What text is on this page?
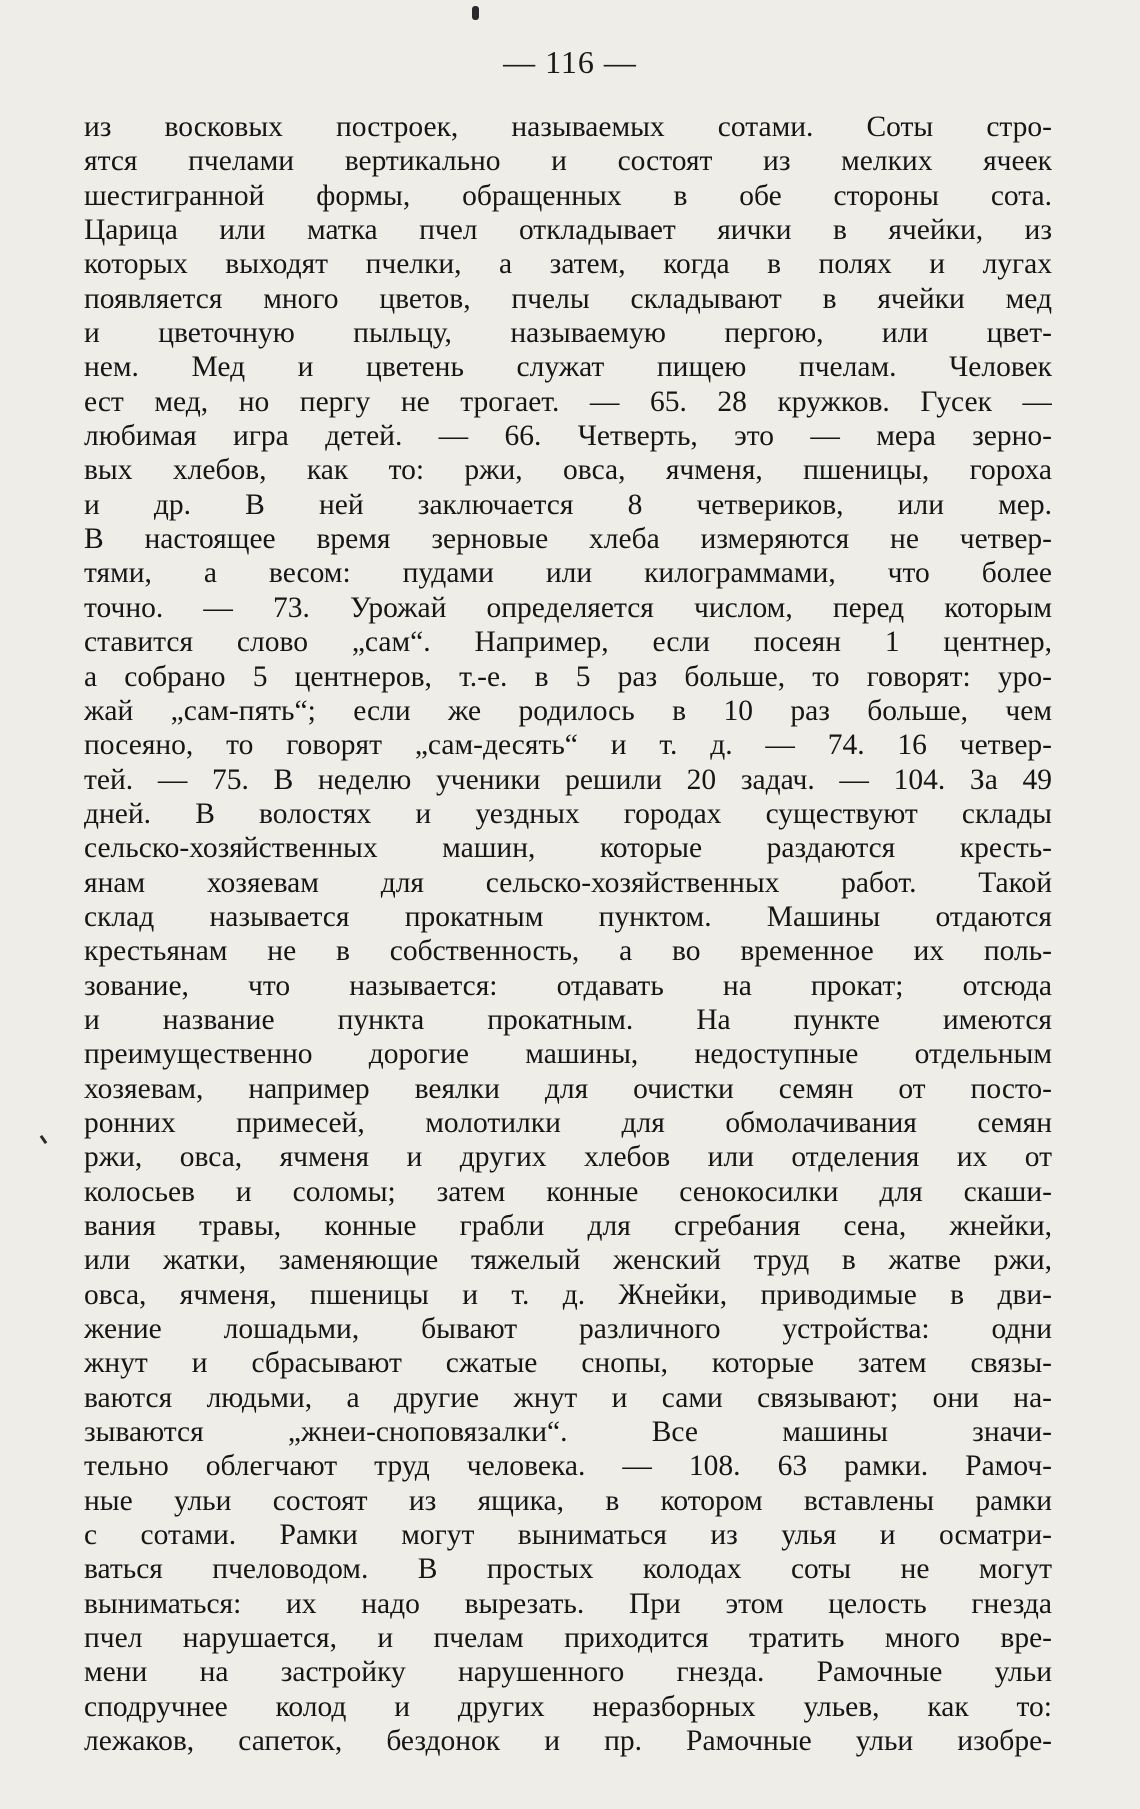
— 116 —
из восковых построек, называемых сотами. Соты стро-
ятся пчелами вертикально и состоят из мелких ячеек
шестигранной формы, обращенных в обе стороны сота.
Царица или матка пчел откладывает яички в ячейки, из
которых выходят пчелки, а затем, когда в полях и лугах
появляется много цветов, пчелы складывают в ячейки мед
и цветочную пыльцу, называемую пергою, или цвет-
нем. Мед и цветень служат пищею пчелам. Человек
ест мед, но пергу не трогает. — 65. 28 кружков. Гусек —
любимая игра детей. — 66. Четверть, это — мера зерно-
вых хлебов, как то: ржи, овса, ячменя, пшеницы, гороха
и др. В ней заключается 8 четвериков, или мер.
В настоящее время зерновые хлеба измеряются не четвер-
тями, а весом: пудами или килограммами, что более
точно. — 73. Урожай определяется числом, перед которым
ставится слово „сам“. Например, если посеян 1 центнер,
а собрано 5 центнеров, т.-е. в 5 раз больше, то говорят: уро-
жай „сам-пять“; если же родилось в 10 раз больше, чем
посеяно, то говорят „сам-десять“ и т. д. — 74. 16 четвер-
тей. — 75. В неделю ученики решили 20 задач. — 104. За 49
дней. В волостях и уездных городах существуют склады
сельско-хозяйственных машин, которые раздаются кресть-
янам хозяевам для сельско-хозяйственных работ. Такой
склад называется прокатным пунктом. Машины отдаются
крестьянам не в собственность, а во временное их поль-
зование, что называется: отдавать на прокат; отсюда
и название пункта прокатным. На пункте имеются
преимущественно дорогие машины, недоступные отдельным
хозяевам, например веялки для очистки семян от посто-
ронних примесей, молотилки для обмолачивания семян
ржи, овса, ячменя и других хлебов или отделения их от
колосьев и соломы; затем конные сенокосилки для скаши-
вания травы, конные грабли для сгребания сена, жнейки,
или жатки, заменяющие тяжелый женский труд в жатве ржи,
овса, ячменя, пшеницы и т. д. Жнейки, приводимые в дви-
жение лошадьми, бывают различного устройства: одни
жнут и сбрасывают сжатые снопы, которые затем связы-
ваются людьми, а другие жнут и сами связывают; они на-
зываются „жнеи-сноповязалки“. Все машины значи-
тельно облегчают труд человека. — 108. 63 рамки. Рамоч-
ные ульи состоят из ящика, в котором вставлены рамки
с сотами. Рамки могут выниматься из улья и осматри-
ваться пчеловодом. В простых колодах соты не могут
выниматься: их надо вырезать. При этом целость гнезда
пчел нарушается, и пчелам приходится тратить много вре-
мени на застройку нарушенного гнезда. Рамочные ульи
сподручнее колод и других неразборных ульев, как то:
лежаков, сапеток, бездонок и пр. Рамочные ульи изобре-
